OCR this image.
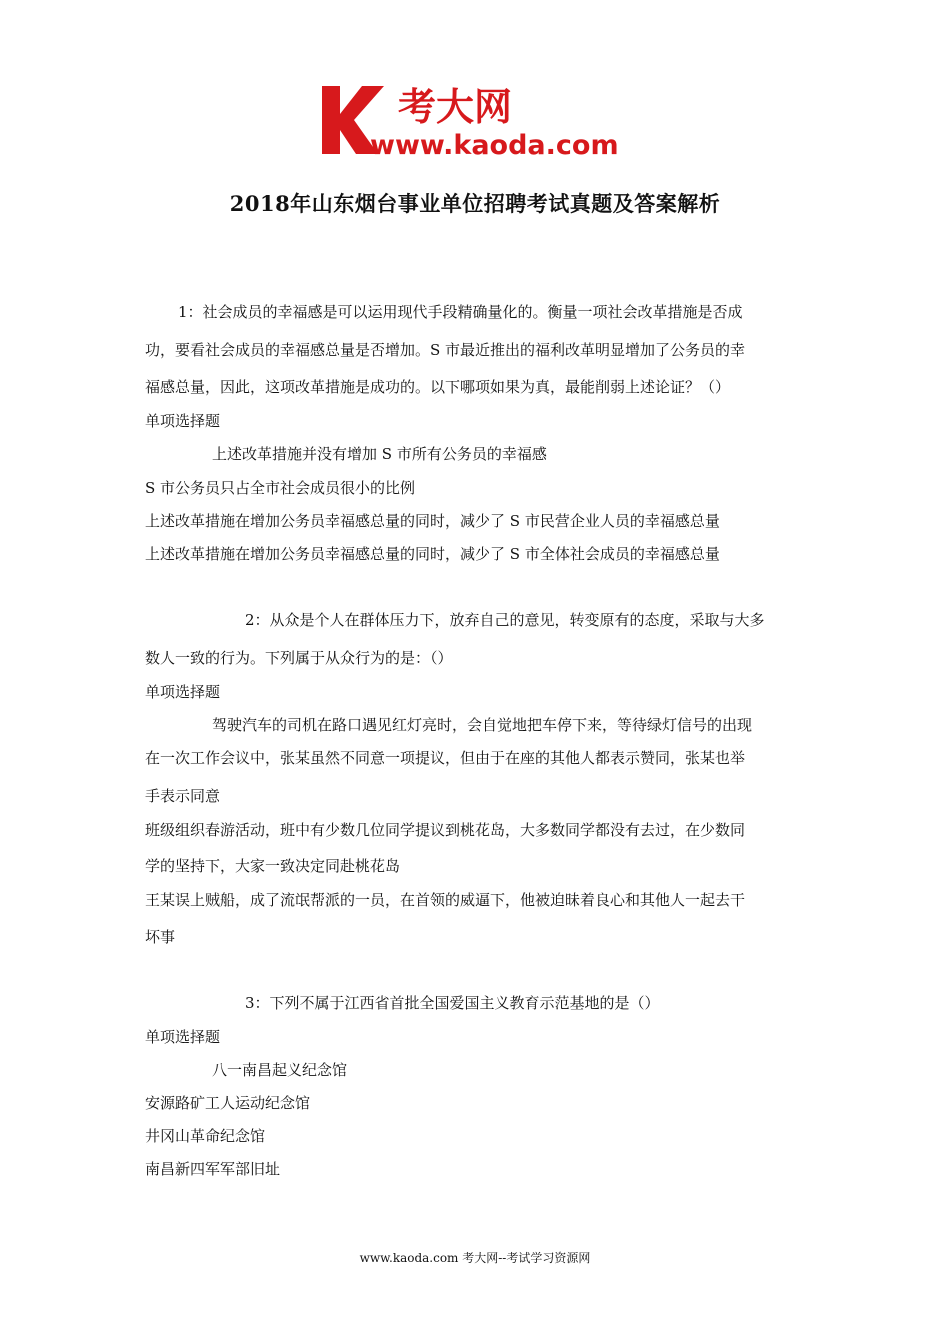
考大网
www.kaoda.com
2018年山东烟台事业单位招聘考试真题及答案解析
1：社会成员的幸福感是可以运用现代手段精确量化的。衡量一项社会改革措施是否成
功，要看社会成员的幸福感总量是否增加。S 市最近推出的福利改革明显增加了公务员的幸
福感总量，因此，这项改革措施是成功的。以下哪项如果为真，最能削弱上述论证？（）
单项选择题
上述改革措施并没有增加 S 市所有公务员的幸福感
S 市公务员只占全市社会成员很小的比例
上述改革措施在增加公务员幸福感总量的同时，减少了 S 市民营企业人员的幸福感总量
上述改革措施在增加公务员幸福感总量的同时，减少了 S 市全体社会成员的幸福感总量
2：从众是个人在群体压力下，放弃自己的意见，转变原有的态度，采取与大多
数人一致的行为。下列属于从众行为的是：（）
单项选择题
驾驶汽车的司机在路口遇见红灯亮时，会自觉地把车停下来，等待绿灯信号的出现
在一次工作会议中，张某虽然不同意一项提议，但由于在座的其他人都表示赞同，张某也举
手表示同意
班级组织春游活动，班中有少数几位同学提议到桃花岛，大多数同学都没有去过，在少数同
学的坚持下，大家一致决定同赴桃花岛
王某误上贼船，成了流氓帮派的一员，在首领的威逼下，他被迫昧着良心和其他人一起去干
坏事
3：下列不属于江西省首批全国爱国主义教育示范基地的是（）
单项选择题
八一南昌起义纪念馆
安源路矿工人运动纪念馆
井冈山革命纪念馆
南昌新四军军部旧址
www.kaoda.com 考大网--考试学习资源网
